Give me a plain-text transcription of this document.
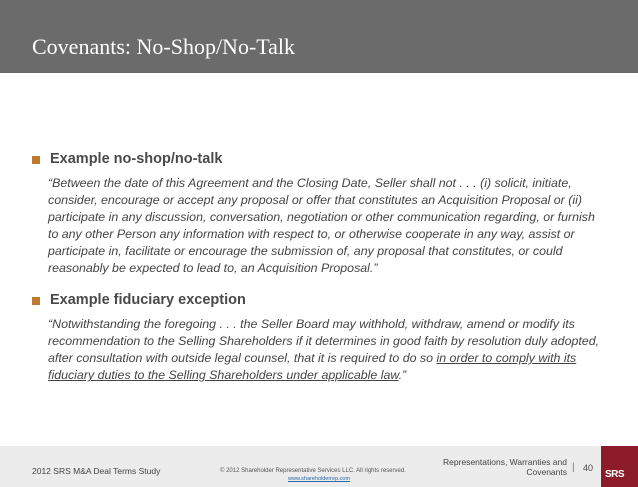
Covenants: No-Shop/No-Talk
Example no-shop/no-talk
“Between the date of this Agreement and the Closing Date, Seller shall not . . . (i) solicit, initiate, consider, encourage or accept any proposal or offer that constitutes an Acquisition Proposal or (ii) participate in any discussion, conversation, negotiation or other communication regarding, or furnish to any other Person any information with respect to, or otherwise cooperate in any way, assist or participate in, facilitate or encourage the submission of, any proposal that constitutes, or could reasonably be expected to lead to, an Acquisition Proposal.”
Example fiduciary exception
“Notwithstanding the foregoing . . . the Seller Board may withhold, withdraw, amend or modify its recommendation to the Selling Shareholders if it determines in good faith by resolution duly adopted, after consultation with outside legal counsel, that it is required to do so in order to comply with its fiduciary duties to the Selling Shareholders under applicable law.”
2012 SRS M&A Deal Terms Study	© 2012 Shareholder Representative Services LLC. All rights reserved.
www.shareholderrep.com
Representations, Warranties and Covenants | 40
SRS
